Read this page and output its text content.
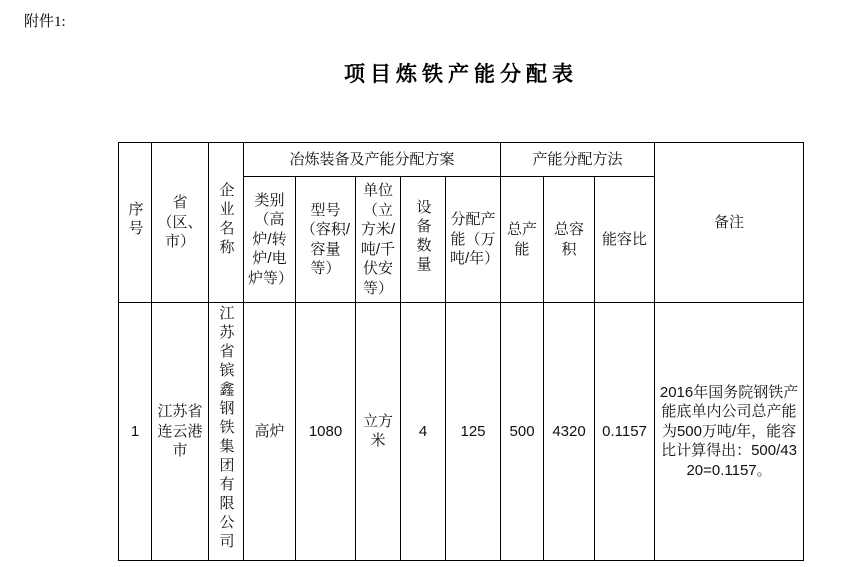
附件1:
项目炼铁产能分配表
序号	省（区、市）	企业名称	冶炼装备及产能分配方案					产能分配方法			备注
			类别（高炉/转炉/电炉等）	型号（容积/容量等）	单位（立方米/吨/千伏安等）	设备数量	分配产能（万吨/年）	总产能	总容积	能容比	
1	江苏省连云港市	江苏省镔鑫钢铁集团有限公司	高炉	1080	立方米	4	125	500	4320	0.1157	2016年国务院钢铁产能底单内公司总产能为500万吨/年，能容比计算得出：500/4320=0.1157。
